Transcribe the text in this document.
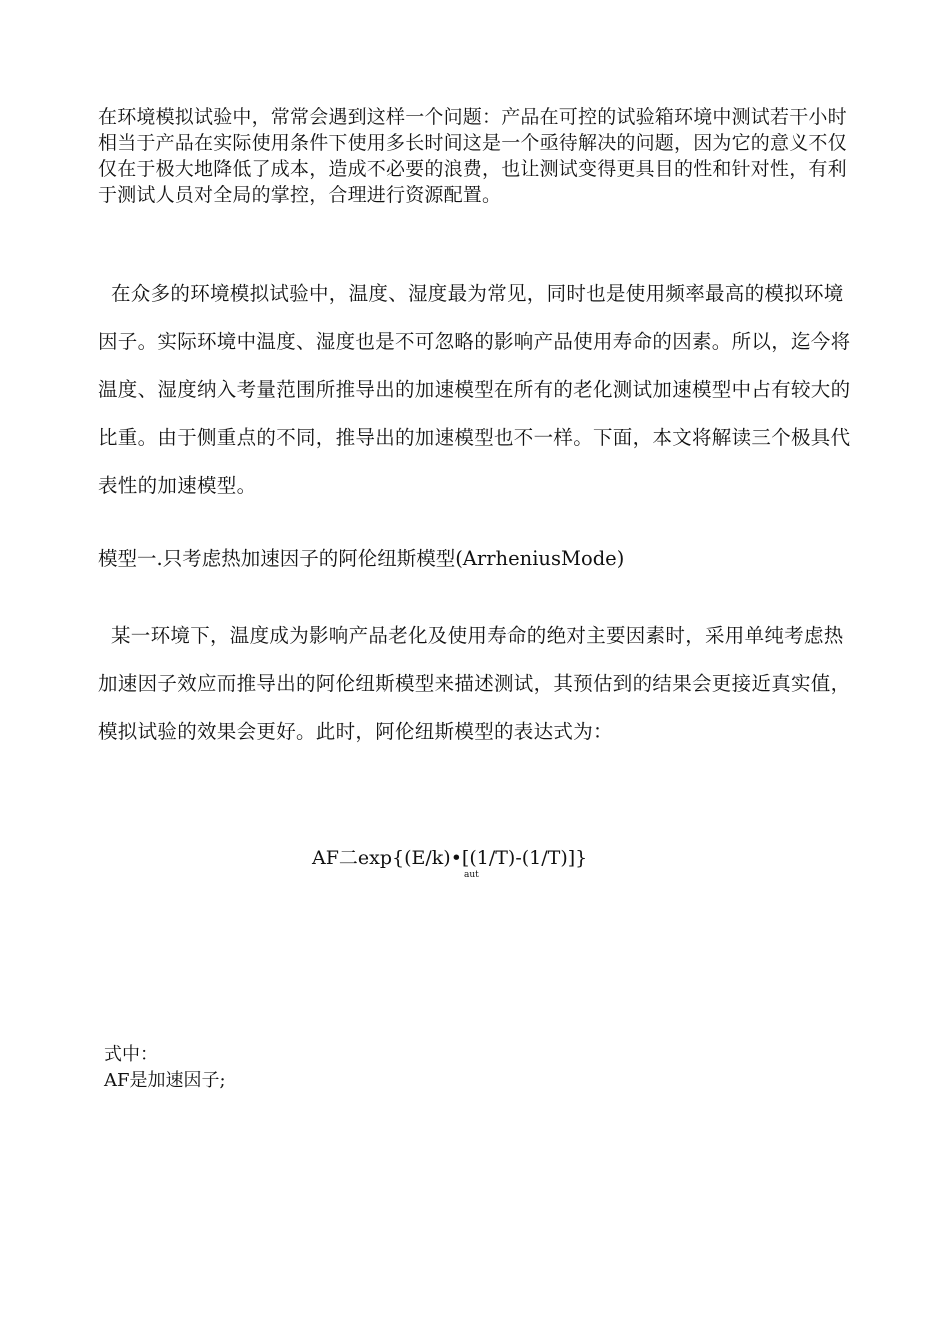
在环境模拟试验中，常常会遇到这样一个问题：产品在可控的试验箱环境中测试若干小时相当于产品在实际使用条件下使用多长时间这是一个亟待解决的问题，因为它的意义不仅仅在于极大地降低了成本，造成不必要的浪费，也让测试变得更具目的性和针对性，有利于测试人员对全局的掌控，合理进行资源配置。

在众多的环境模拟试验中，温度、湿度最为常见，同时也是使用频率最高的模拟环境因子。实际环境中温度、湿度也是不可忽略的影响产品使用寿命的因素。所以，迄今将温度、湿度纳入考量范围所推导出的加速模型在所有的老化测试加速模型中占有较大的比重。由于侧重点的不同，推导出的加速模型也不一样。下面，本文将解读三个极具代表性的加速模型。

模型一.只考虑热加速因子的阿伦纽斯模型(ArrheniusMode)

某一环境下，温度成为影响产品老化及使用寿命的绝对主要因素时，采用单纯考虑热加速因子效应而推导出的阿伦纽斯模型来描述测试，其预估到的结果会更接近真实值，模拟试验的效果会更好。此时，阿伦纽斯模型的表达式为：

AF二exp{(E/k)•[(1/T)-(1/T)]}
aut
式中：
AF是加速因子;
